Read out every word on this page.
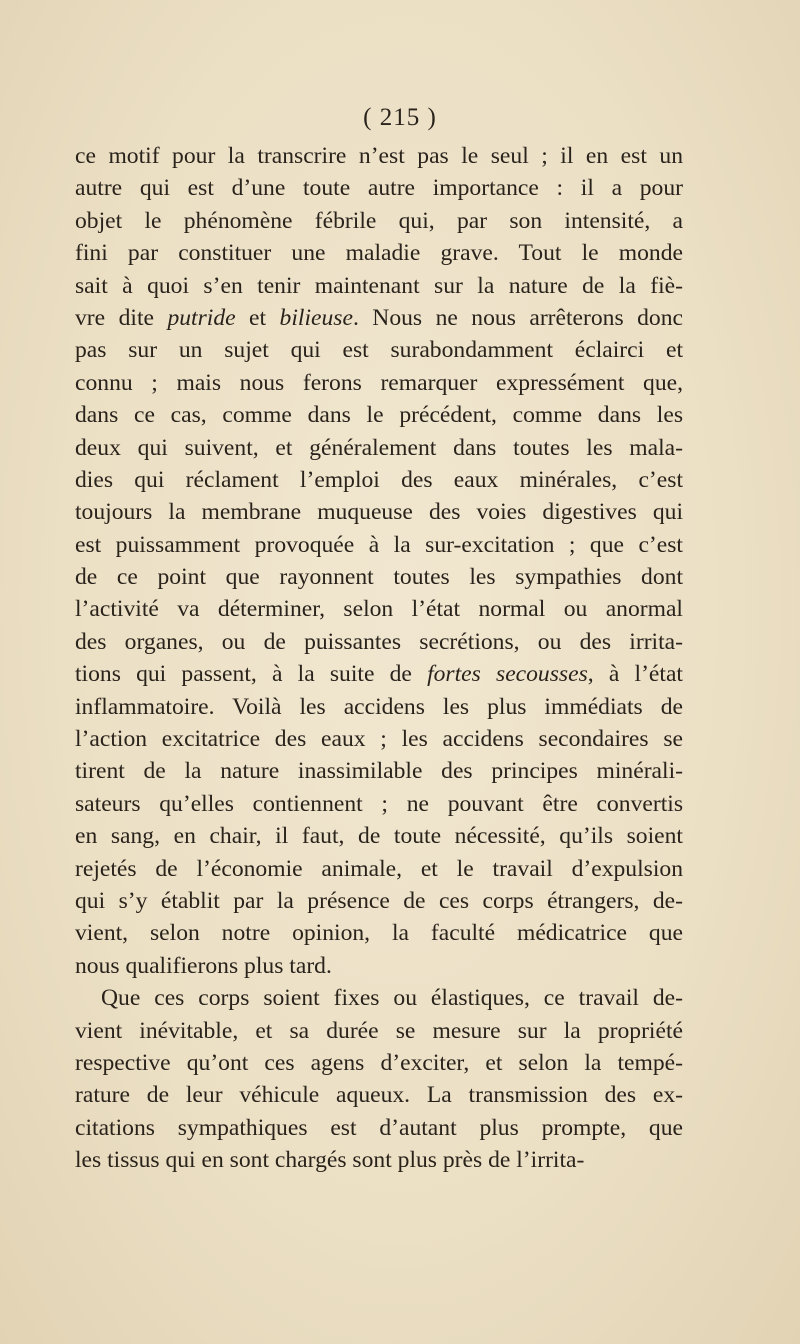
( 215 )
ce motif pour la transcrire n’est pas le seul ; il en est un
autre qui est d’une toute autre importance : il a pour
objet le phénomène fébrile qui, par son intensité, a
fini par constituer une maladie grave. Tout le monde
sait à quoi s’en tenir maintenant sur la nature de la fiè-
vre dite putride et bilieuse. Nous ne nous arrêterons donc
pas sur un sujet qui est surabondamment éclairci et
connu ; mais nous ferons remarquer expressément que,
dans ce cas, comme dans le précédent, comme dans les
deux qui suivent, et généralement dans toutes les mala-
dies qui réclament l’emploi des eaux minérales, c’est
toujours la membrane muqueuse des voies digestives qui
est puissamment provoquée à la sur-excitation ; que c’est
de ce point que rayonnent toutes les sympathies dont
l’activité va déterminer, selon l’état normal ou anormal
des organes, ou de puissantes secrétions, ou des irrita-
tions qui passent, à la suite de fortes secousses, à l’état
inflammatoire. Voilà les accidens les plus immédiats de
l’action excitatrice des eaux ; les accidens secondaires se
tirent de la nature inassimilable des principes minérali-
sateurs qu’elles contiennent ; ne pouvant être convertis
en sang, en chair, il faut, de toute nécessité, qu’ils soient
rejetés de l’économie animale, et le travail d’expulsion
qui s’y établit par la présence de ces corps étrangers, de-
vient, selon notre opinion, la faculté médicatrice que
nous qualifierons plus tard.
Que ces corps soient fixes ou élastiques, ce travail de-
vient inévitable, et sa durée se mesure sur la propriété
respective qu’ont ces agens d’exciter, et selon la tempé-
rature de leur véhicule aqueux. La transmission des ex-
citations sympathiques est d’autant plus prompte, que
les tissus qui en sont chargés sont plus près de l’irrita-
